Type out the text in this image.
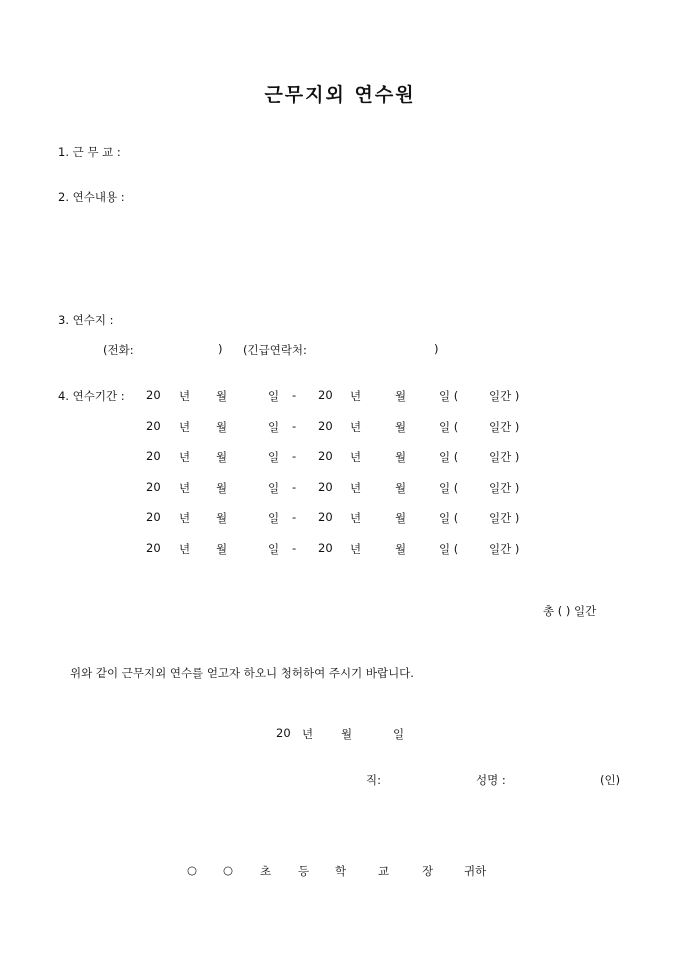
근무지외 연수원
1. 근 무 교 :
2. 연수내용 :
3. 연수지 :
(전화:	) (긴급연락처:	)
4. 연수기간 : 20 년 월	일 - 20 년	월	일 (	일간 )
20 년 월	일 - 20 년	월	일 (	일간 )
20 년 월	일 - 20 년	월	일 (	일간 )
20 년 월	일 - 20 년	월	일 (	일간 )
20 년 월	일 - 20 년	월	일 (	일간 )
20 년 월	일 - 20 년	월	일 (	일간 )
총 ( ) 일간
위와 같이 근무지외 연수를 얻고자 하오니 청허하여 주시기 바랍니다.
20 년 월	일
직:	성명 :	(인)
○ ○ 초 등 학	교	장	귀하
